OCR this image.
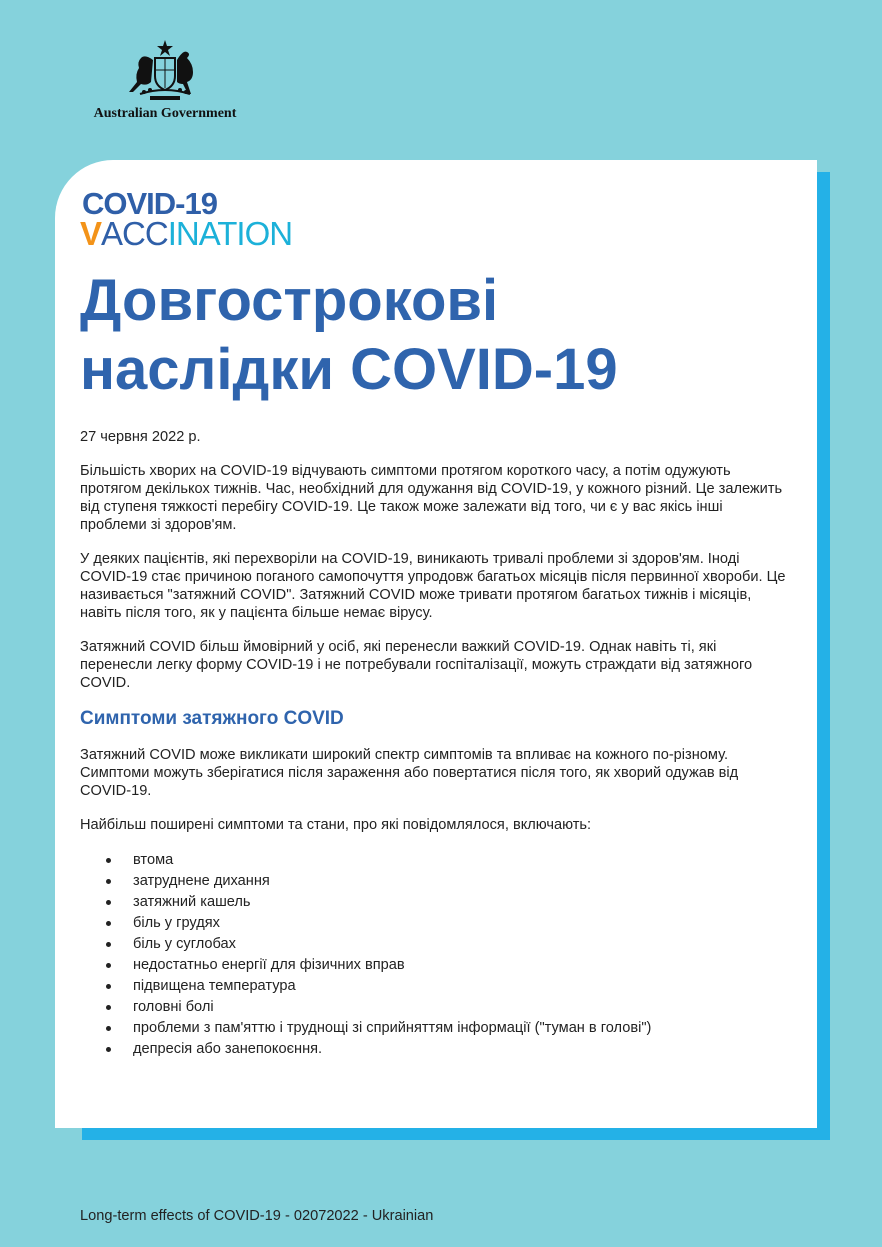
Australian Government
COVID-19
VACCINATION
Довгострокові
наслідки COVID-19

27 червня 2022 р.

Більшість хворих на COVID-19 відчувають симптоми протягом короткого часу, а потім одужують протягом декількох тижнів. Час, необхідний для одужання від COVID-19, у кожного різний. Це залежить від ступеня тяжкості перебігу COVID-19. Це також може залежати від того, чи є у вас якісь інші проблеми зі здоров'ям.

У деяких пацієнтів, які перехворіли на COVID-19, виникають тривалі проблеми зі здоров'ям. Іноді COVID-19 стає причиною поганого самопочуття упродовж багатьох місяців після первинної хвороби. Це називається "затяжний COVID". Затяжний COVID може тривати протягом багатьох тижнів і місяців, навіть після того, як у пацієнта більше немає вірусу.

Затяжний COVID більш ймовірний у осіб, які перенесли важкий COVID-19. Однак навіть ті, які перенесли легку форму COVID-19 і не потребували госпіталізації, можуть страждати від затяжного COVID.

Симптоми затяжного COVID

Затяжний COVID може викликати широкий спектр симптомів та впливає на кожного по-різному. Симптоми можуть зберігатися після зараження або повертатися після того, як хворий одужав від COVID-19.

Найбільш поширені симптоми та стани, про які повідомлялося, включають:

втома
затруднене дихання
затяжний кашель
біль у грудях
біль у суглобах
недостатньо енергії для фізичних вправ
підвищена температура
головні болі
проблеми з пам'яттю і труднощі зі сприйняттям інформації ("туман в голові")
депресія або занепокоєння.
Long-term effects of COVID-19 - 02072022 - Ukrainian
